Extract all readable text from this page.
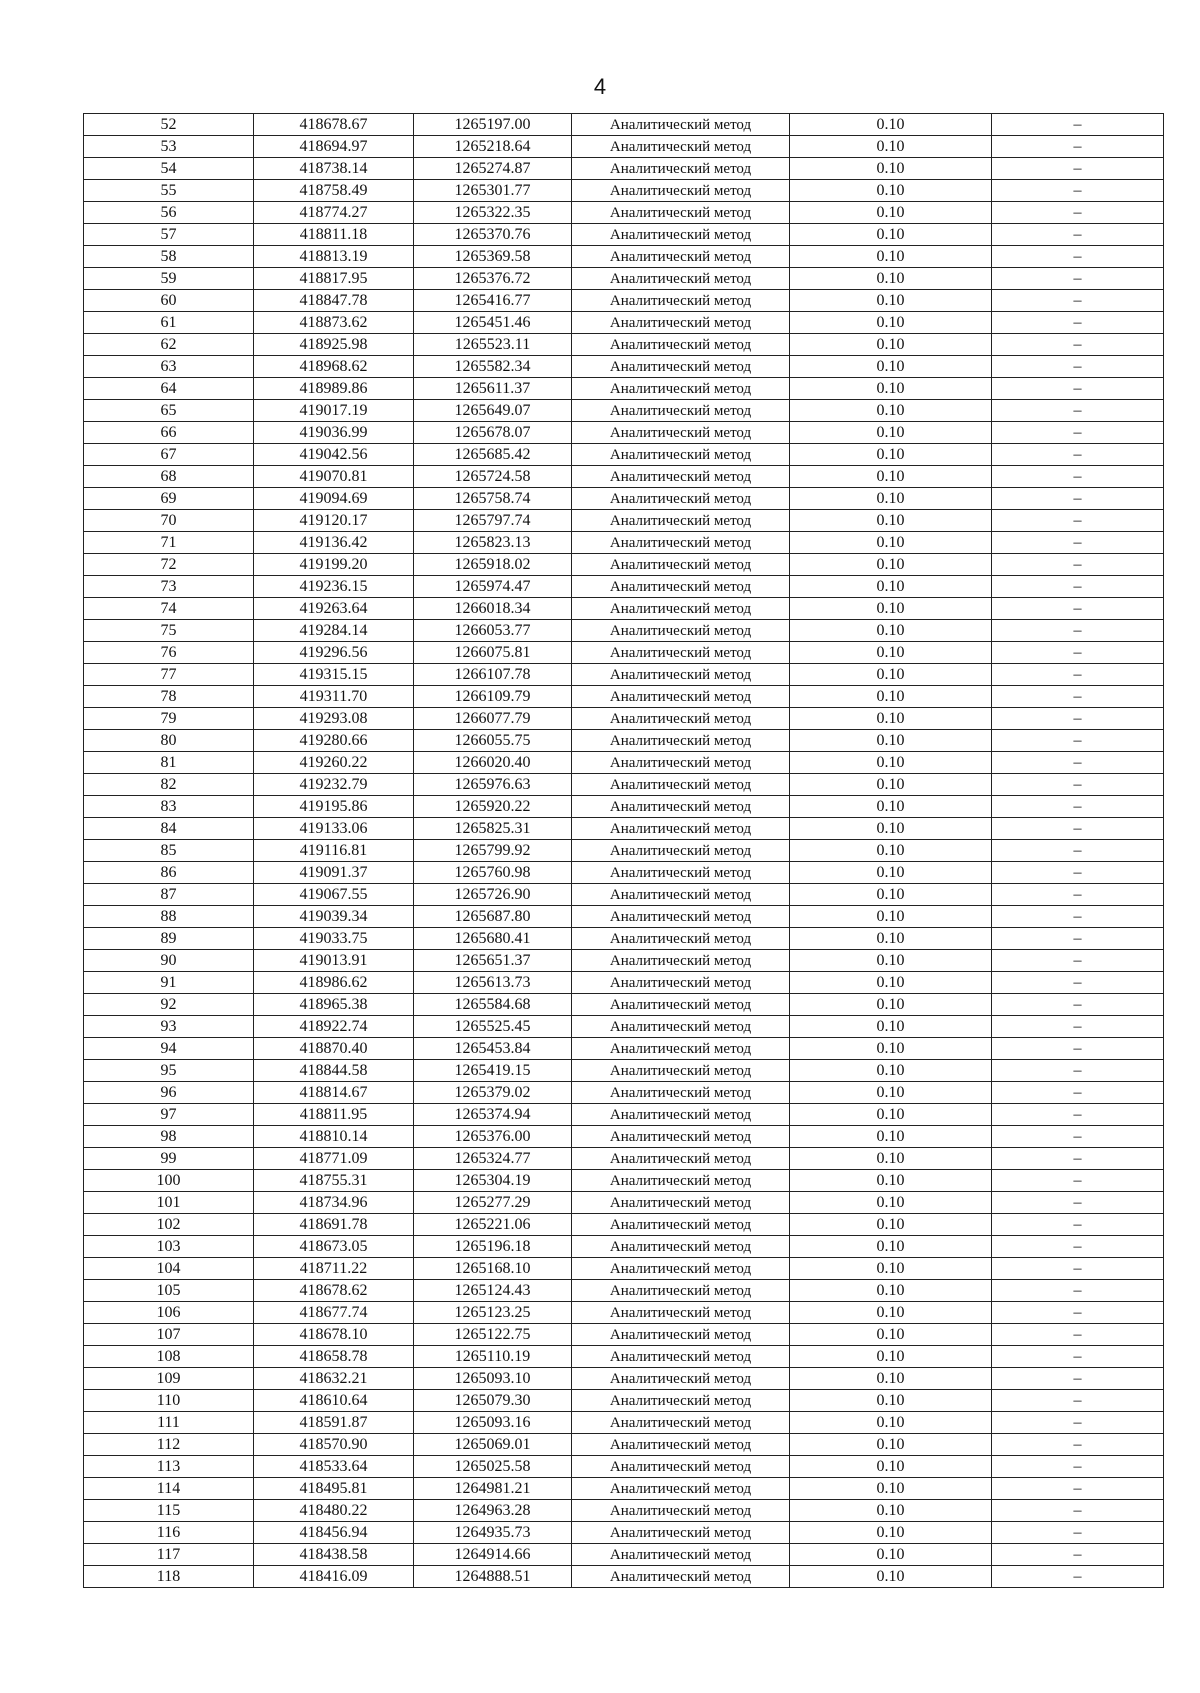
4
52	418678.67	1265197.00	Аналитический метод	0.10	–
53	418694.97	1265218.64	Аналитический метод	0.10	–
54	418738.14	1265274.87	Аналитический метод	0.10	–
55	418758.49	1265301.77	Аналитический метод	0.10	–
56	418774.27	1265322.35	Аналитический метод	0.10	–
57	418811.18	1265370.76	Аналитический метод	0.10	–
58	418813.19	1265369.58	Аналитический метод	0.10	–
59	418817.95	1265376.72	Аналитический метод	0.10	–
60	418847.78	1265416.77	Аналитический метод	0.10	–
61	418873.62	1265451.46	Аналитический метод	0.10	–
62	418925.98	1265523.11	Аналитический метод	0.10	–
63	418968.62	1265582.34	Аналитический метод	0.10	–
64	418989.86	1265611.37	Аналитический метод	0.10	–
65	419017.19	1265649.07	Аналитический метод	0.10	–
66	419036.99	1265678.07	Аналитический метод	0.10	–
67	419042.56	1265685.42	Аналитический метод	0.10	–
68	419070.81	1265724.58	Аналитический метод	0.10	–
69	419094.69	1265758.74	Аналитический метод	0.10	–
70	419120.17	1265797.74	Аналитический метод	0.10	–
71	419136.42	1265823.13	Аналитический метод	0.10	–
72	419199.20	1265918.02	Аналитический метод	0.10	–
73	419236.15	1265974.47	Аналитический метод	0.10	–
74	419263.64	1266018.34	Аналитический метод	0.10	–
75	419284.14	1266053.77	Аналитический метод	0.10	–
76	419296.56	1266075.81	Аналитический метод	0.10	–
77	419315.15	1266107.78	Аналитический метод	0.10	–
78	419311.70	1266109.79	Аналитический метод	0.10	–
79	419293.08	1266077.79	Аналитический метод	0.10	–
80	419280.66	1266055.75	Аналитический метод	0.10	–
81	419260.22	1266020.40	Аналитический метод	0.10	–
82	419232.79	1265976.63	Аналитический метод	0.10	–
83	419195.86	1265920.22	Аналитический метод	0.10	–
84	419133.06	1265825.31	Аналитический метод	0.10	–
85	419116.81	1265799.92	Аналитический метод	0.10	–
86	419091.37	1265760.98	Аналитический метод	0.10	–
87	419067.55	1265726.90	Аналитический метод	0.10	–
88	419039.34	1265687.80	Аналитический метод	0.10	–
89	419033.75	1265680.41	Аналитический метод	0.10	–
90	419013.91	1265651.37	Аналитический метод	0.10	–
91	418986.62	1265613.73	Аналитический метод	0.10	–
92	418965.38	1265584.68	Аналитический метод	0.10	–
93	418922.74	1265525.45	Аналитический метод	0.10	–
94	418870.40	1265453.84	Аналитический метод	0.10	–
95	418844.58	1265419.15	Аналитический метод	0.10	–
96	418814.67	1265379.02	Аналитический метод	0.10	–
97	418811.95	1265374.94	Аналитический метод	0.10	–
98	418810.14	1265376.00	Аналитический метод	0.10	–
99	418771.09	1265324.77	Аналитический метод	0.10	–
100	418755.31	1265304.19	Аналитический метод	0.10	–
101	418734.96	1265277.29	Аналитический метод	0.10	–
102	418691.78	1265221.06	Аналитический метод	0.10	–
103	418673.05	1265196.18	Аналитический метод	0.10	–
104	418711.22	1265168.10	Аналитический метод	0.10	–
105	418678.62	1265124.43	Аналитический метод	0.10	–
106	418677.74	1265123.25	Аналитический метод	0.10	–
107	418678.10	1265122.75	Аналитический метод	0.10	–
108	418658.78	1265110.19	Аналитический метод	0.10	–
109	418632.21	1265093.10	Аналитический метод	0.10	–
110	418610.64	1265079.30	Аналитический метод	0.10	–
111	418591.87	1265093.16	Аналитический метод	0.10	–
112	418570.90	1265069.01	Аналитический метод	0.10	–
113	418533.64	1265025.58	Аналитический метод	0.10	–
114	418495.81	1264981.21	Аналитический метод	0.10	–
115	418480.22	1264963.28	Аналитический метод	0.10	–
116	418456.94	1264935.73	Аналитический метод	0.10	–
117	418438.58	1264914.66	Аналитический метод	0.10	–
118	418416.09	1264888.51	Аналитический метод	0.10	–
